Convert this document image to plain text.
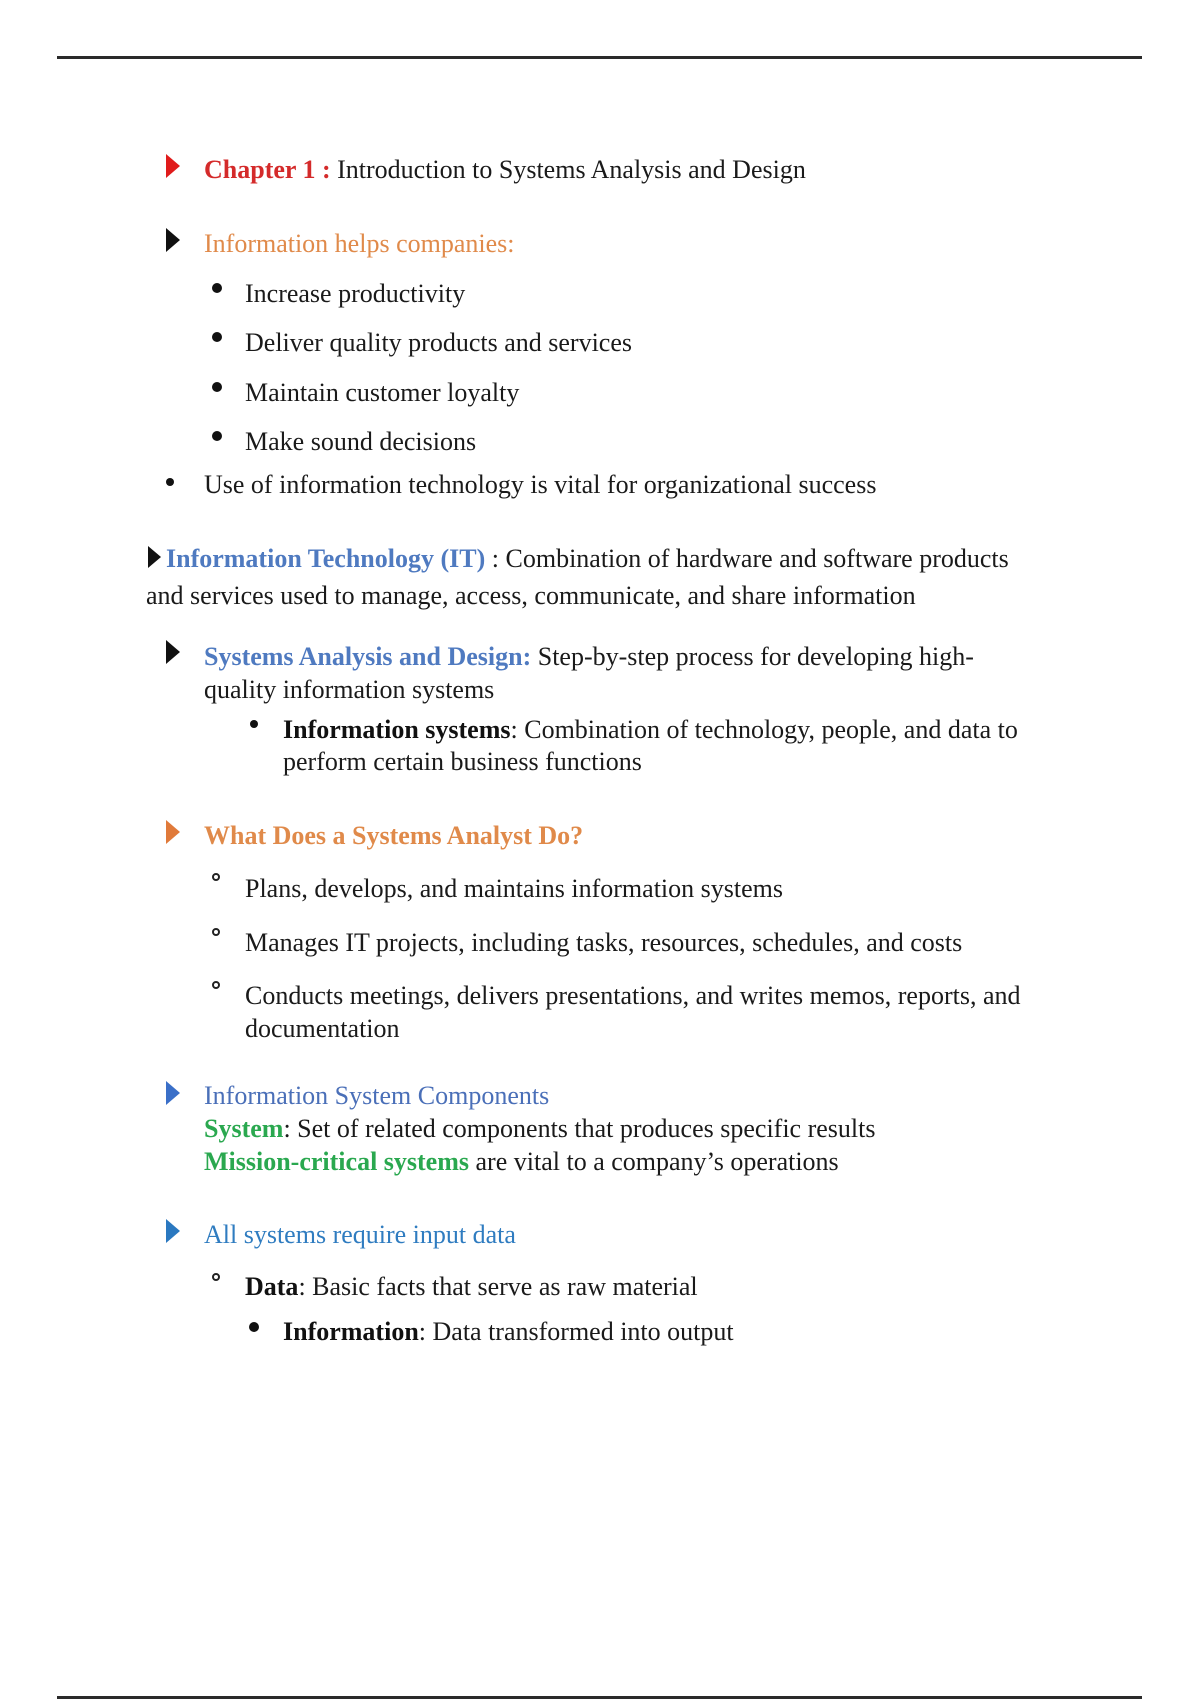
Chapter 1 : Introduction to Systems Analysis and Design
Information helps companies:
Increase productivity
Deliver quality products and services
Maintain customer loyalty
Make sound decisions
Use of information technology is vital for organizational success
Information Technology (IT) : Combination of hardware and software products
and services used to manage, access, communicate, and share information
Systems Analysis and Design: Step-by-step process for developing high-
quality information systems
Information systems: Combination of technology, people, and data to
perform certain business functions
What Does a Systems Analyst Do?
Plans, develops, and maintains information systems
Manages IT projects, including tasks, resources, schedules, and costs
Conducts meetings, delivers presentations, and writes memos, reports, and
documentation
Information System Components
System: Set of related components that produces specific results
Mission-critical systems are vital to a company’s operations
All systems require input data
Data: Basic facts that serve as raw material
Information: Data transformed into output
